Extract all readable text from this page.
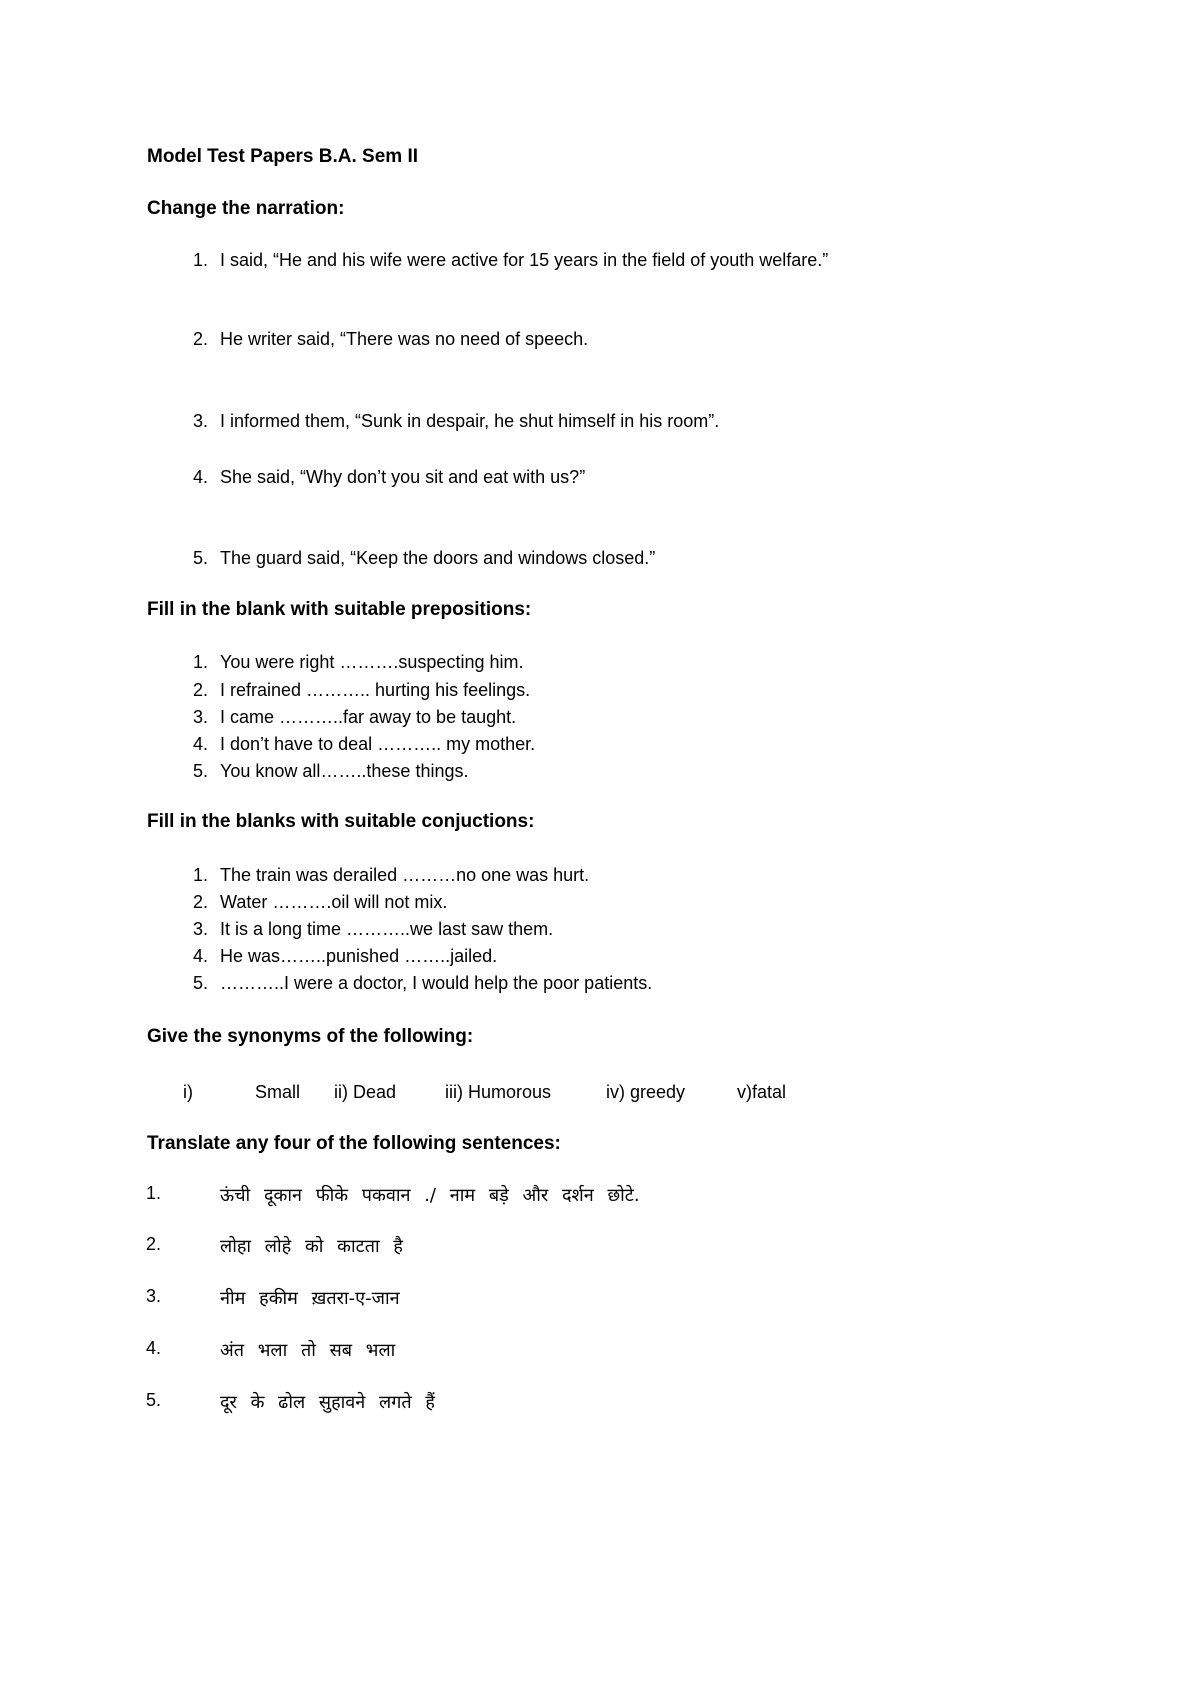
Model Test Papers B.A. Sem II
Change the narration:
1. I said, “He and his wife were active for 15 years in the field of youth welfare.”
2. He writer said, “There was no need of speech.
3. I informed them, “Sunk in despair, he shut himself in his room”.
4. She said, “Why don’t you sit and eat with us?”
5. The guard said, “Keep the doors and windows closed.”
Fill in the blank with suitable prepositions:
1. You were right ……….suspecting him.
2. I refrained ……….. hurting his feelings.
3. I came ………..far away to be taught.
4. I don’t have to deal ……….. my mother.
5. You know all……..these things.
Fill in the blanks with suitable conjuctions:
1. The train was derailed ………no one was hurt.
2. Water ……….oil will not mix.
3. It is a long time ………..we last saw them.
4. He was……..punished ……..jailed.
5. ………..I were a doctor, I would help the poor patients.
Give the synonyms of the following:
i)	Small ii) Dead	iii) Humorous	iv) greedy	v)fatal
Translate any four of the following sentences:
1.	ऊंची दूकान फीके पकवान ./ नाम बड़े और दर्शन छोटे.
2.	लोहा लोहे को काटता है
3.	नीम हकीम ख़तरा-ए-जान
4.	अंत भला तो सब भला
5.	दूर के ढोल सुहावने लगते हैं
